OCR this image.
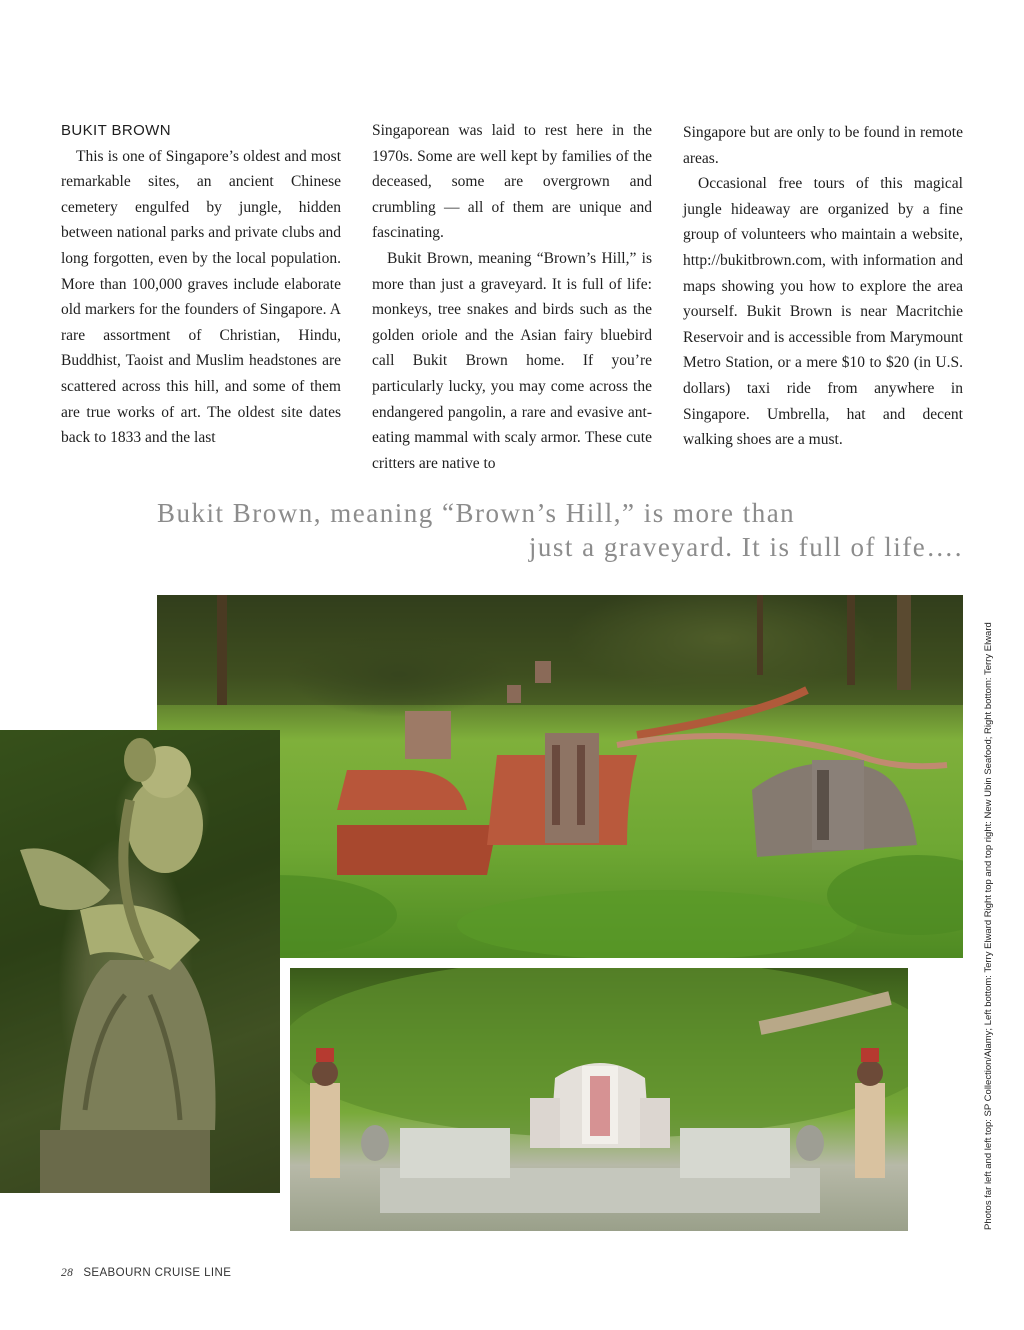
BUKIT BROWN

This is one of Singapore’s oldest and most remarkable sites, an ancient Chinese cemetery engulfed by jungle, hidden between national parks and private clubs and long forgotten, even by the local population. More than 100,000 graves include elaborate old markers for the founders of Singapore. A rare assortment of Christian, Hindu, Buddhist, Taoist and Muslim headstones are scattered across this hill, and some of them are true works of art. The oldest site dates back to 1833 and the last

Singaporean was laid to rest here in the 1970s. Some are well kept by families of the deceased, some are overgrown and crumbling — all of them are unique and fascinating.

Bukit Brown, meaning “Brown’s Hill,” is more than just a graveyard. It is full of life: monkeys, tree snakes and birds such as the golden oriole and the Asian fairy bluebird call Bukit Brown home. If you’re particularly lucky, you may come across the endangered pangolin, a rare and evasive ant-eating mammal with scaly armor. These cute critters are native to

Singapore but are only to be found in remote areas.

Occasional free tours of this magical jungle hideaway are organized by a fine group of volunteers who maintain a website, http://bukitbrown.com, with information and maps showing you how to explore the area yourself. Bukit Brown is near Macritchie Reservoir and is accessible from Marymount Metro Station, or a mere $10 to $20 (in U.S. dollars) taxi ride from anywhere in Singapore. Umbrella, hat and decent walking shoes are a must.

Bukit Brown, meaning “Brown’s Hill,” is more than
just a graveyard. It is full of life….
Photos far left and left top: SP Collection/Alamy; Left bottom: Terry Elward Right top and top right: New Ubin Seafood; Right bottom: Terry Elward
28 SEABOURN CRUISE LINE
